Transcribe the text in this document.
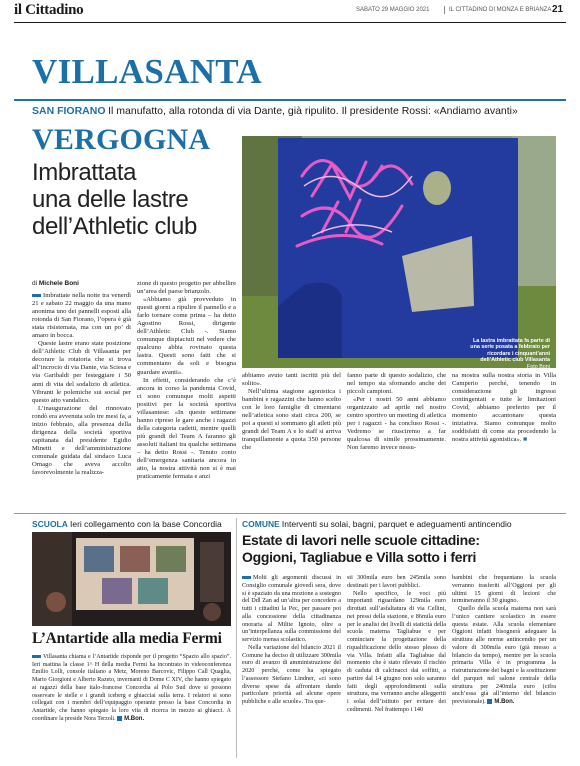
il Cittadino	SABATO 29 MAGGIO 2021	IL CITTADINO DI MONZA E BRIANZA 21
VILLASANTA
SAN FIORANO Il manufatto, alla rotonda di via Dante, già ripulito. Il presidente Rossi: «Andiamo avanti»
VERGOGNA
Imbrattata
una delle lastre
dell’Athletic club
La lastra imbrattata fa parte di una serie posata a febbraio per ricordare i cinquant’anni dell’Athletic club Villasanta
Foto Boni
di Michele Boni

Imbrattate nella notte tra venerdì 21 e sabato 22 maggio da una mano anonima uno dei pannelli esposti alla rotonda di San Fiorano, l’opera è già stata risistemata, ma con un po’ di amaro in bocca.

Queste lastre erano state posizione dell’Athletic Club di Villasanta per decorare la rotatoria che si trova all’incrocio di via Dante, via Sciesa e via Garibaldi per festeggiare i 50 anni di vita del sodalizio di atletica. Vibranti le polemiche sui social per questo atto vandalico.

L’inaugurazione del rinnovato rondò era avvenuta solo tre mesi fa, a inizio febbraio, alla presenza della dirigenza della società sportiva capitanata dal presidente Egidio Minetti e dell’amministrazione comunale guidata dal sindaco Luca Ornago che aveva accolto favorevolmente la realizza-

zione di questo progetto per abbellire un’area del paese brianzolo.

«Abbiamo già provveduto in questi giorni a ripulire il pannello e a farlo tornare come prima – ha detto Agostino Rossi, dirigente dell’Athletic Club -. Siamo comunque dispiaciuti nel vedere che qualcuno abbia rovinato questa lastra. Questi sono fatti che si commentano da soli e bisogna guardare avanti».

In effetti, considerando che c’è ancora in corso la pandemia Covid, ci sono comunque molti aspetti positivi per la società sportiva villasantese: «In queste settimane hanno ripreso le gare anche i ragazzi della categoria cadetti, mentre quelli più grandi del Team A faranno gli assoluti italiani tra qualche settimana – ha detto Rossi -. Tenuto conto dell’emergenza sanitaria ancora in atto, la nostra attività non si è mai praticamente fermata e anzi

abbiamo avuto tanti iscritti più del solito».

Nell’ultima stagione agonistica i bambini e ragazzini che hanno scelto con le loro famiglie di cimentarsi nell’atletica sono stati circa 200, se poi a questi si sommano gli atleti più grandi del Team A e lo staff si arriva tranquillamente a quota 350 persone che

fanno parte di questo sodalizio, che nel tempo sta sfornando anche dei piccoli campioni.

«Per i nostri 50 anni abbiamo organizzato ad aprile nel nostro centro sportivo un meeting di atletica per i ragazzi - ha concluso Rossi -. Vedremo se riusciremo a far qualcosa di simile prossimamente. Non faremo invece nessu-

na mostra sulla nostra storia in Villa Camperio perché, tenendo in considerazione gli ingressi contingentati e tutte le limitazioni Covid, abbiamo preferito per il momento accantonare questa iniziativa. Siamo comunque molto soddisfatti di come sta procedendo la nostra attività agonistica». ■

SCUOLA Ieri collegamento con la base Concordia
L’Antartide alla media Fermi

Villasanta chiama e l’Antartide risponde per il progetto “Spazio allo spazio”. Ieri mattina la classe 1^ H della media Fermi ha incontrato in videoconferenza Emilio Lolli, console italiano a Metz, Moreno Barcovic, Filippo Call Quaglia, Mario Giorgioni e Alberto Razeto, invernanti di Dome C XIV, che hanno spiegato ai ragazzi della base italo-francese Concordia al Polo Sud dove si possono osservare le stelle e i grandi iceberg e ghiacciai sulla terra. I relatori si sono collegati con i membri dell’equipaggio operante presso la base Concordia in Antartide, che hanno spiegato la loro vita di ricerca in mezzo ai ghiacci. A coordinare la preside Nora Terzoli. M.Bon.

COMUNE Interventi su solai, bagni, parquet e adeguamenti antincendio
Estate di lavori nelle scuole cittadine:
Oggioni, Tagliabue e Villa sotto i ferri

Molti gli argomenti discussi in Consiglio comunale giovedì sera, dove si è spaziato da una mozione a sostegno del Ddl Zan ad un’altra per concedere a tutti i cittadini la Pec, per passare poi alla concessione della cittadinanza onoraria al Milite Ignoto, oltre a un’interpellanza sulla commissione del servizio mensa scolastico.

Nella variazione del bilancio 2021 il Comune ha deciso di utilizzare 300mila euro di avanzo di amministrazione del 2020 perché, come ha spiegato l’assessore Stefano Lindner, «ci sono diverse spese da affrontare dando particolare priorità ad alcune opere pubbliche e alle scuole». Tra que-

sti 300mila euro ben 245mila sono destinati per i lavori pubblici.

Nello specifico, le voci più importanti riguardano 129mila euro dirottati sull’asfaltatura di via Cellini, nei pressi della stazione, e 86mila euro per le analisi dei livelli di staticità della scuola materna Tagliabue e per cominciare la progettazione della riqualificazione dello stesso plesso di via Villa. Infatti alla Tagliabue dal momento che è stato rilevato il rischio di caduta di calcinacci dai soffitti, a partire dal 14 giugno non solo saranno fatti degli approfondimenti sulla struttura, ma verranno anche alleggeriti i solai dell’istituto per evitare dei cedimenti. Nel frattempo i 140

bambini che frequentano la scuola verranno trasferiti all’Oggioni per gli ultimi 15 giorni di lezioni che termineranno il 30 giugno.

Quello della scuola materna non sarà l’unico cantiere scolastico in essere questa estate. Alla scuola elementare Oggioni infatti bisognerà adeguare la struttura alle norme antincendio per un valore di 300mila euro (già messo a bilancio da tempo), mentre per la scuola primaria Villa è in programma la ristrutturazione dei bagni e la sostituzione del parquet nel salone centrale della struttura per 240mila euro (cifra anch’essa già all’interno del bilancio previsionale). M.Bon.
